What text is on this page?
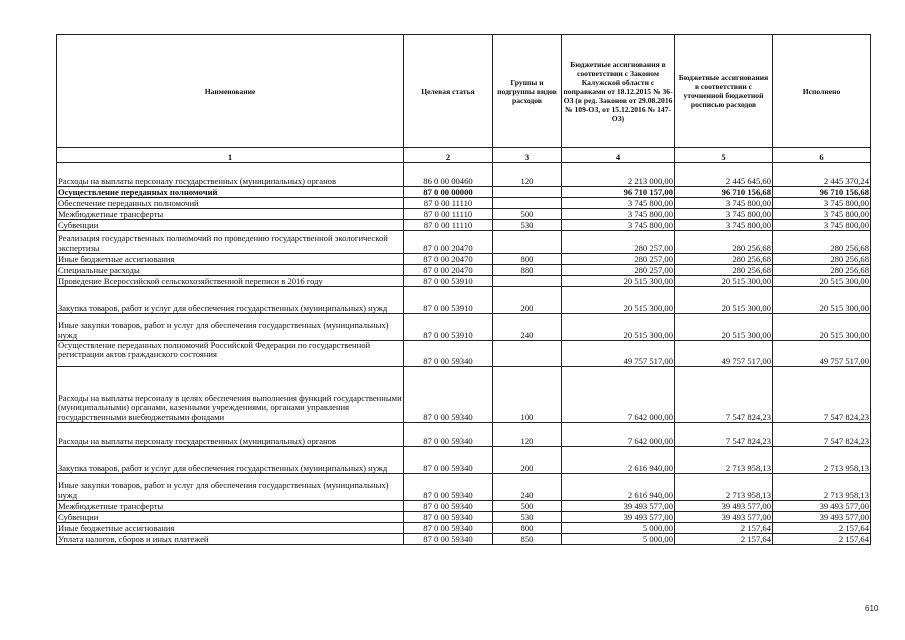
Наименование	Целевая статья	Группы и подгруппы видов расходов	Бюджетные ассигнования в соответствии с Законом Калужской области с поправками от 18.12.2015 № 36-ОЗ (в ред. Законов от 29.08.2016 № 109-ОЗ, от 15.12.2016 № 147-ОЗ)	Бюджетные ассигнования в соответствии с уточненной бюджетной росписью расходов	Исполнено
1	2	3	4	5	6
Расходы на выплаты персоналу государственных (муниципальных) органов	86 0 00 00460	120	2 213 000,00	2 445 645,60	2 445 370,24
Осуществление переданных полномочий	87 0 00 00000		96 710 157,00	96 710 156,68	96 710 156,68
Обеспечение переданных полномочий	87 0 00 11110		3 745 800,00	3 745 800,00	3 745 800,00
Межбюджетные трансферты	87 0 00 11110	500	3 745 800,00	3 745 800,00	3 745 800,00
Субвенции	87 0 00 11110	530	3 745 800,00	3 745 800,00	3 745 800,00
Реализация государственных полномочий по проведению государственной экологической экспертизы	87 0 00 20470		280 257,00	280 256,68	280 256,68
Иные бюджетные ассигнования	87 0 00 20470	800	280 257,00	280 256,68	280 256,68
Специальные расходы	87 0 00 20470	880	280 257,00	280 256,68	280 256,68
Проведение Всероссийской сельскохозяйственной переписи в 2016 году	87 0 00 53910		20 515 300,00	20 515 300,00	20 515 300,00
Закупка товаров, работ и услуг для обеспечения государственных (муниципальных) нужд	87 0 00 53910	200	20 515 300,00	20 515 300,00	20 515 300,00
Иные закупки товаров, работ и услуг для обеспечения государственных (муниципальных) нужд	87 0 00 53910	240	20 515 300,00	20 515 300,00	20 515 300,00
Осуществление переданных полномочий Российской Федерации по государственной регистрации актов гражданского состояния	87 0 00 59340		49 757 517,00	49 757 517,00	49 757 517,00
Расходы на выплаты персоналу в целях обеспечения выполнения функций государственными (муниципальными) органами, казенными учреждениями, органами управления государственными внебюджетными фондами	87 0 00 59340	100	7 642 000,00	7 547 824,23	7 547 824,23
Расходы на выплаты персоналу государственных (муниципальных) органов	87 0 00 59340	120	7 642 000,00	7 547 824,23	7 547 824,23
Закупка товаров, работ и услуг для обеспечения государственных (муниципальных) нужд	87 0 00 59340	200	2 616 940,00	2 713 958,13	2 713 958,13
Иные закупки товаров, работ и услуг для обеспечения государственных (муниципальных) нужд	87 0 00 59340	240	2 616 940,00	2 713 958,13	2 713 958,13
Межбюджетные трансферты	87 0 00 59340	500	39 493 577,00	39 493 577,00	39 493 577,00
Субвенции	87 0 00 59340	530	39 493 577,00	39 493 577,00	39 493 577,00
Иные бюджетные ассигнования	87 0 00 59340	800	5 000,00	2 157,64	2 157,64
Уплата налогов, сборов и иных платежей	87 0 00 59340	850	5 000,00	2 157,64	2 157,64
610
